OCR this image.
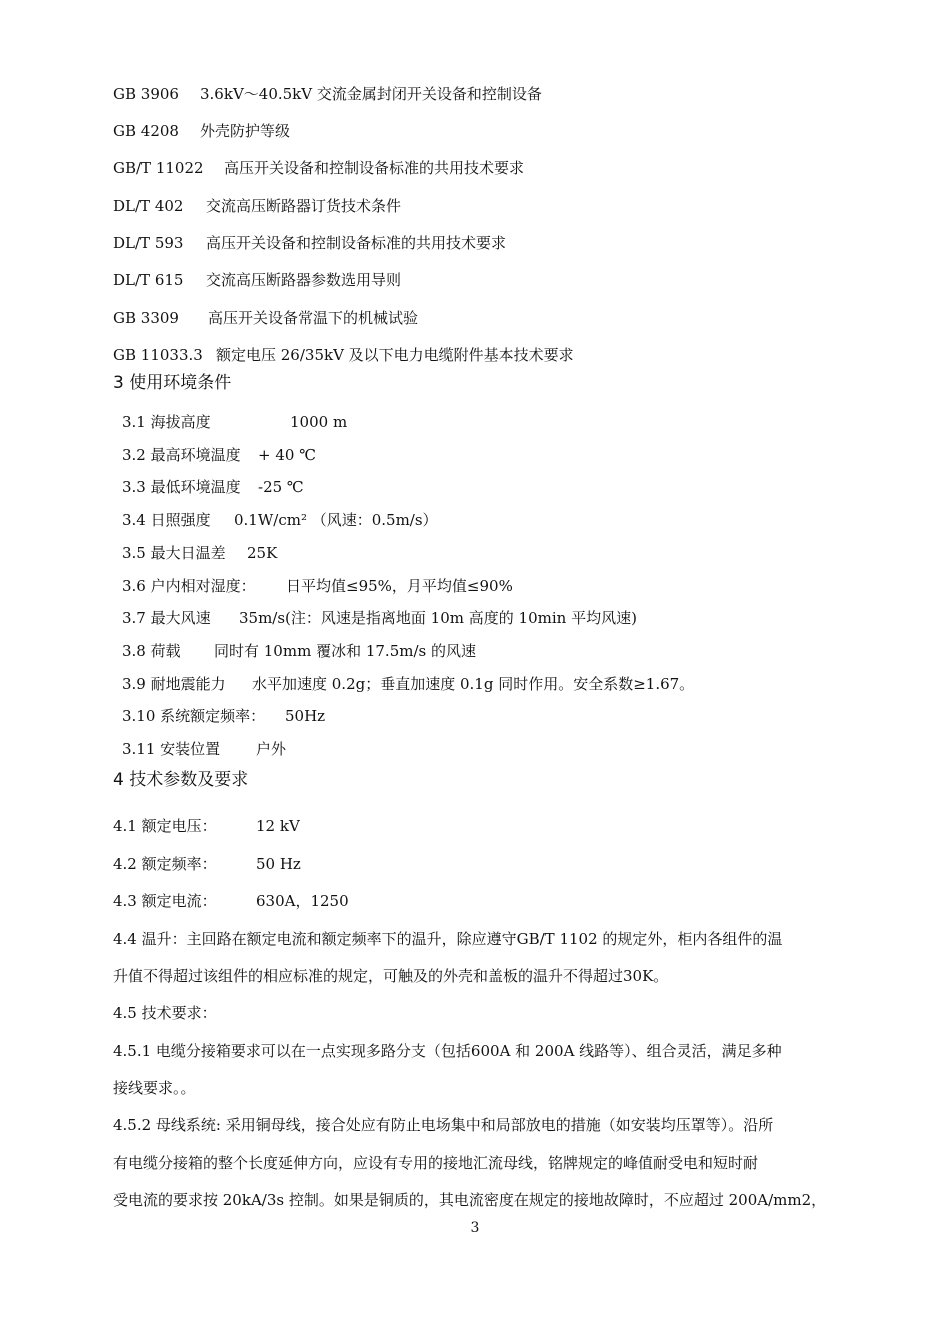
GB 3906 3.6kV～40.5kV 交流金属封闭开关设备和控制设备
GB 4208 外壳防护等级
GB/T 11022 高压开关设备和控制设备标准的共用技术要求
DL/T 402 交流高压断路器订货技术条件
DL/T 593 高压开关设备和控制设备标准的共用技术要求
DL/T 615 交流高压断路器参数选用导则
GB 3309 高压开关设备常温下的机械试验
GB 11033.3 额定电压 26/35kV 及以下电力电缆附件基本技术要求
3 使用环境条件
3.1 海拔高度	1000 m
3.2 最高环境温度 + 40 ℃
3.3 最低环境温度 -25 ℃
3.4 日照强度 0.1W/cm² （风速：0.5m/s）
3.5 最大日温差 25K
3.6 户内相对湿度： 日平均值≤95%，月平均值≤90%
3.7 最大风速 35m/s(注：风速是指离地面 10m 高度的 10min 平均风速)
3.8 荷载 同时有 10mm 覆冰和 17.5m/s 的风速
3.9 耐地震能力 水平加速度 0.2g；垂直加速度 0.1g 同时作用。安全系数≥1.67。
3.10 系统额定频率： 50Hz
3.11 安装位置 户外
4 技术参数及要求
4.1 额定电压：	12 kV
4.2 额定频率：	50 Hz
4.3 额定电流：	630A，1250
4.4 温升：主回路在额定电流和额定频率下的温升，除应遵守GB/T 1102 的规定外，柜内各组件的温
升值不得超过该组件的相应标准的规定，可触及的外壳和盖板的温升不得超过30K。
4.5 技术要求：
4.5.1 电缆分接箱要求可以在一点实现多路分支（包括600A 和 200A 线路等）、组合灵活，满足多种
接线要求。。
4.5.2 母线系统: 采用铜母线，接合处应有防止电场集中和局部放电的措施（如安装均压罩等）。沿所
有电缆分接箱的整个长度延伸方向，应设有专用的接地汇流母线，铭牌规定的峰值耐受电和短时耐
受电流的要求按 20kA/3s 控制。如果是铜质的，其电流密度在规定的接地故障时，不应超过 200A/mm2，
3
